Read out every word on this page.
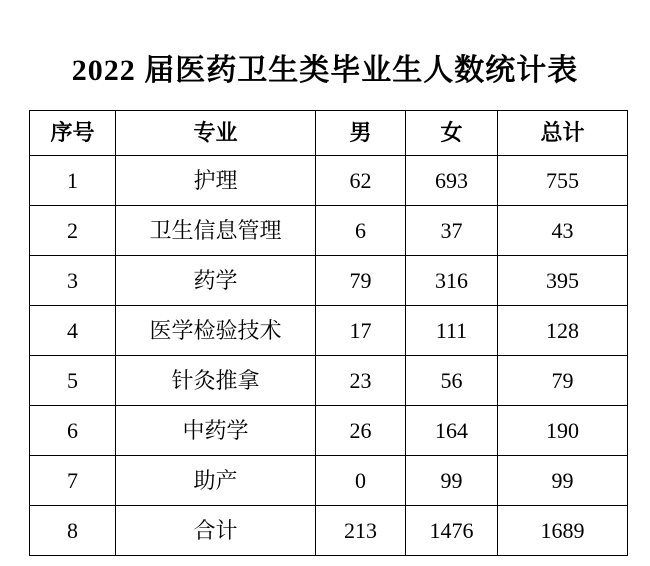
2022 届医药卫生类毕业生人数统计表
序号	专业	男	女	总计
1	护理	62	693	755
2	卫生信息管理	6	37	43
3	药学	79	316	395
4	医学检验技术	17	111	128
5	针灸推拿	23	56	79
6	中药学	26	164	190
7	助产	0	99	99
8	合计	213	1476	1689
